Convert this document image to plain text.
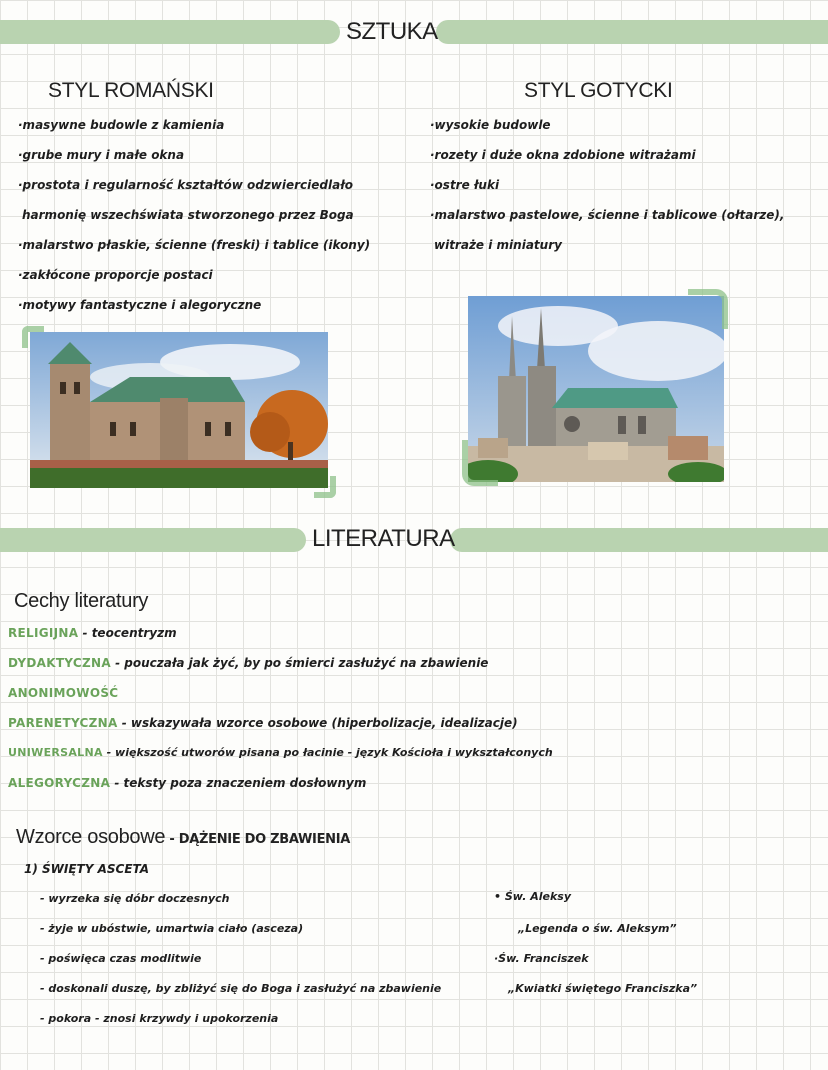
SZTUKA
STYL ROMAŃSKI
·masywne budowle z kamienia
·grube mury i małe okna
·prostota i regularność kształtów odzwierciedlało
harmonię wszechświata stworzonego przez Boga
·malarstwo płaskie, ścienne (freski) i tablice (ikony)
·zakłócone proporcje postaci
·motywy fantastyczne i alegoryczne
STYL GOTYCKI
·wysokie budowle
·rozety i duże okna zdobione witrażami
·ostre łuki
·malarstwo pastelowe, ścienne i tablicowe (ołtarze),
witraże i miniatury
LITERATURA
Cechy literatury
RELIGIJNA - teocentryzm
DYDAKTYCZNA - pouczała jak żyć, by po śmierci zasłużyć na zbawienie
ANONIMOWOŚĆ
PARENETYCZNA - wskazywała wzorce osobowe (hiperbolizacje, idealizacje)
UNIWERSALNA - większość utworów pisana po łacinie - język Kościoła i wykształconych
ALEGORYCZNA - teksty poza znaczeniem dosłownym
Wzorce osobowe - DĄŻENIE DO ZBAWIENIA
1) ŚWIĘTY ASCETA
- wyrzeka się dóbr doczesnych
- żyje w ubóstwie, umartwia ciało (asceza)
- poświęca czas modlitwie
- doskonali duszę, by zbliżyć się do Boga i zasłużyć na zbawienie
- pokora - znosi krzywdy i upokorzenia
• Św. Aleksy
„Legenda o św. Aleksym”
·Św. Franciszek
„Kwiatki świętego Franciszka”
